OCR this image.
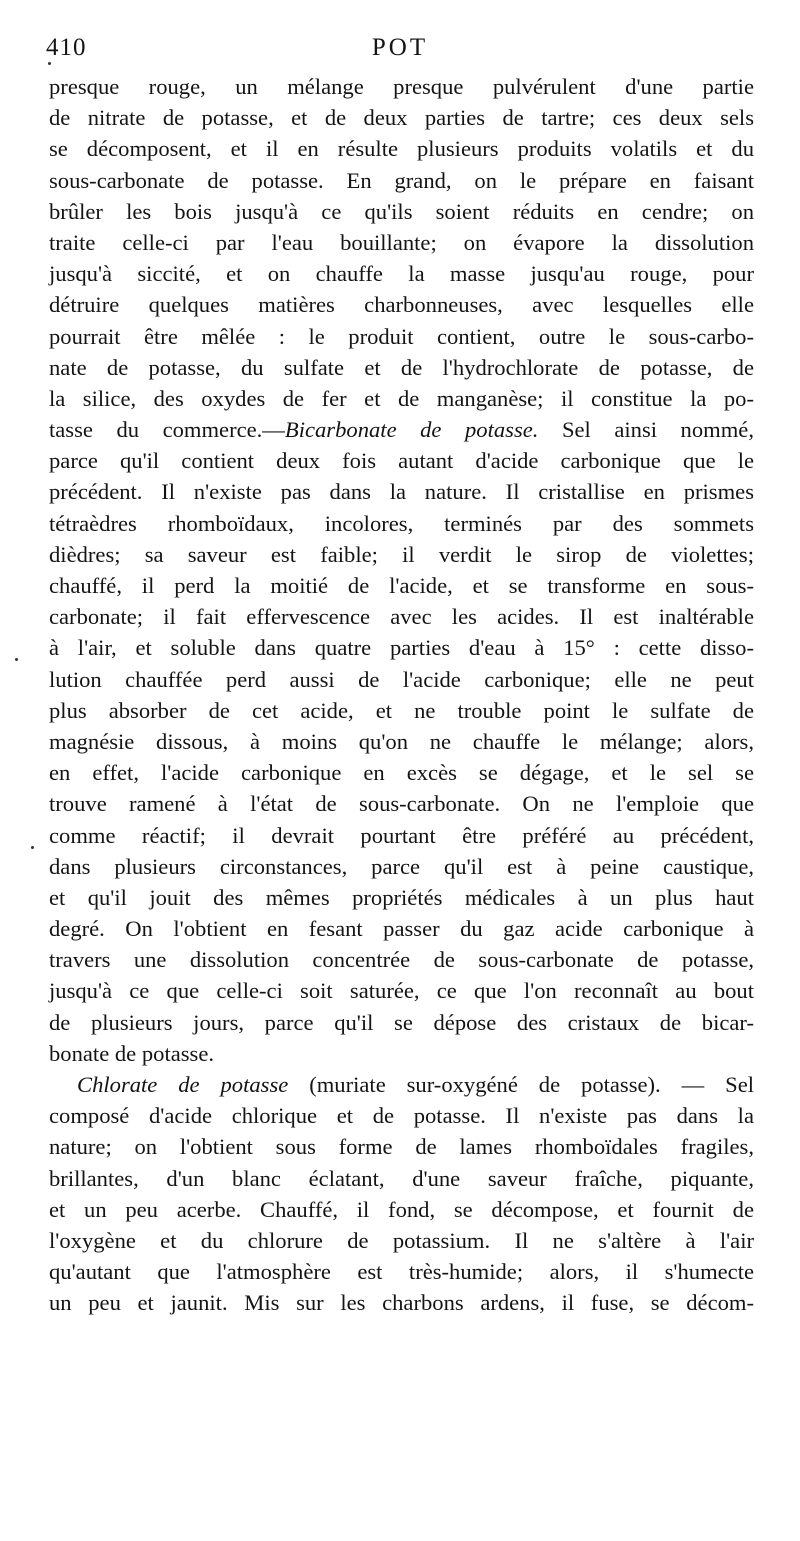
410	POT
presque rouge, un mélange presque pulvérulent d'une partie
de nitrate de potasse, et de deux parties de tartre; ces deux sels
se décomposent, et il en résulte plusieurs produits volatils et du
sous-carbonate de potasse. En grand, on le prépare en faisant
brûler les bois jusqu'à ce qu'ils soient réduits en cendre; on
traite celle-ci par l'eau bouillante; on évapore la dissolution
jusqu'à siccité, et on chauffe la masse jusqu'au rouge, pour
détruire quelques matières charbonneuses, avec lesquelles elle
pourrait être mêlée : le produit contient, outre le sous-carbo-
nate de potasse, du sulfate et de l'hydrochlorate de potasse, de
la silice, des oxydes de fer et de manganèse; il constitue la po-
tasse du commerce.—Bicarbonate de potasse. Sel ainsi nommé,
parce qu'il contient deux fois autant d'acide carbonique que le
précédent. Il n'existe pas dans la nature. Il cristallise en prismes
tétraèdres rhomboïdaux, incolores, terminés par des sommets
dièdres; sa saveur est faible; il verdit le sirop de violettes;
chauffé, il perd la moitié de l'acide, et se transforme en sous-
carbonate; il fait effervescence avec les acides. Il est inaltérable
à l'air, et soluble dans quatre parties d'eau à 15° : cette disso-
lution chauffée perd aussi de l'acide carbonique; elle ne peut
plus absorber de cet acide, et ne trouble point le sulfate de
magnésie dissous, à moins qu'on ne chauffe le mélange; alors,
en effet, l'acide carbonique en excès se dégage, et le sel se
trouve ramené à l'état de sous-carbonate. On ne l'emploie que
comme réactif; il devrait pourtant être préféré au précédent,
dans plusieurs circonstances, parce qu'il est à peine caustique,
et qu'il jouit des mêmes propriétés médicales à un plus haut
degré. On l'obtient en fesant passer du gaz acide carbonique à
travers une dissolution concentrée de sous-carbonate de potasse,
jusqu'à ce que celle-ci soit saturée, ce que l'on reconnaît au bout
de plusieurs jours, parce qu'il se dépose des cristaux de bicar-
bonate de potasse.
Chlorate de potasse (muriate sur-oxygéné de potasse). — Sel
composé d'acide chlorique et de potasse. Il n'existe pas dans la
nature; on l'obtient sous forme de lames rhomboïdales fragiles,
brillantes, d'un blanc éclatant, d'une saveur fraîche, piquante,
et un peu acerbe. Chauffé, il fond, se décompose, et fournit de
l'oxygène et du chlorure de potassium. Il ne s'altère à l'air
qu'autant que l'atmosphère est très-humide; alors, il s'humecte
un peu et jaunit. Mis sur les charbons ardens, il fuse, se décom-
